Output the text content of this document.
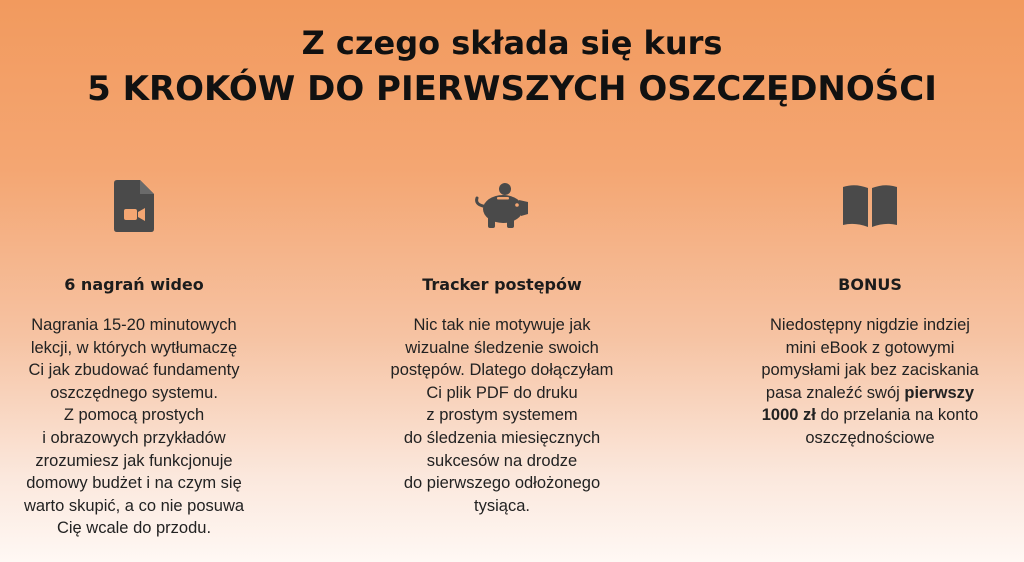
Z czego składa się kurs
5 KROKÓW DO PIERWSZYCH OSZCZĘDNOŚCI
6 nagrań wideo
Nagrania 15-20 minutowych
lekcji, w których wytłumaczę
Ci jak zbudować fundamenty
oszczędnego systemu.
Z pomocą prostych
i obrazowych przykładów
zrozumiesz jak funkcjonuje
domowy budżet i na czym się
warto skupić, a co nie posuwa
Cię wcale do przodu.
Tracker postępów
Nic tak nie motywuje jak
wizualne śledzenie swoich
postępów. Dlatego dołączyłam
Ci plik PDF do druku
z prostym systemem
do śledzenia miesięcznych
sukcesów na drodze
do pierwszego odłożonego
tysiąca.
BONUS
Niedostępny nigdzie indziej
mini eBook z gotowymi
pomysłami jak bez zaciskania
pasa znaleźć swój pierwszy
1000 zł do przelania na konto
oszczędnościowe
